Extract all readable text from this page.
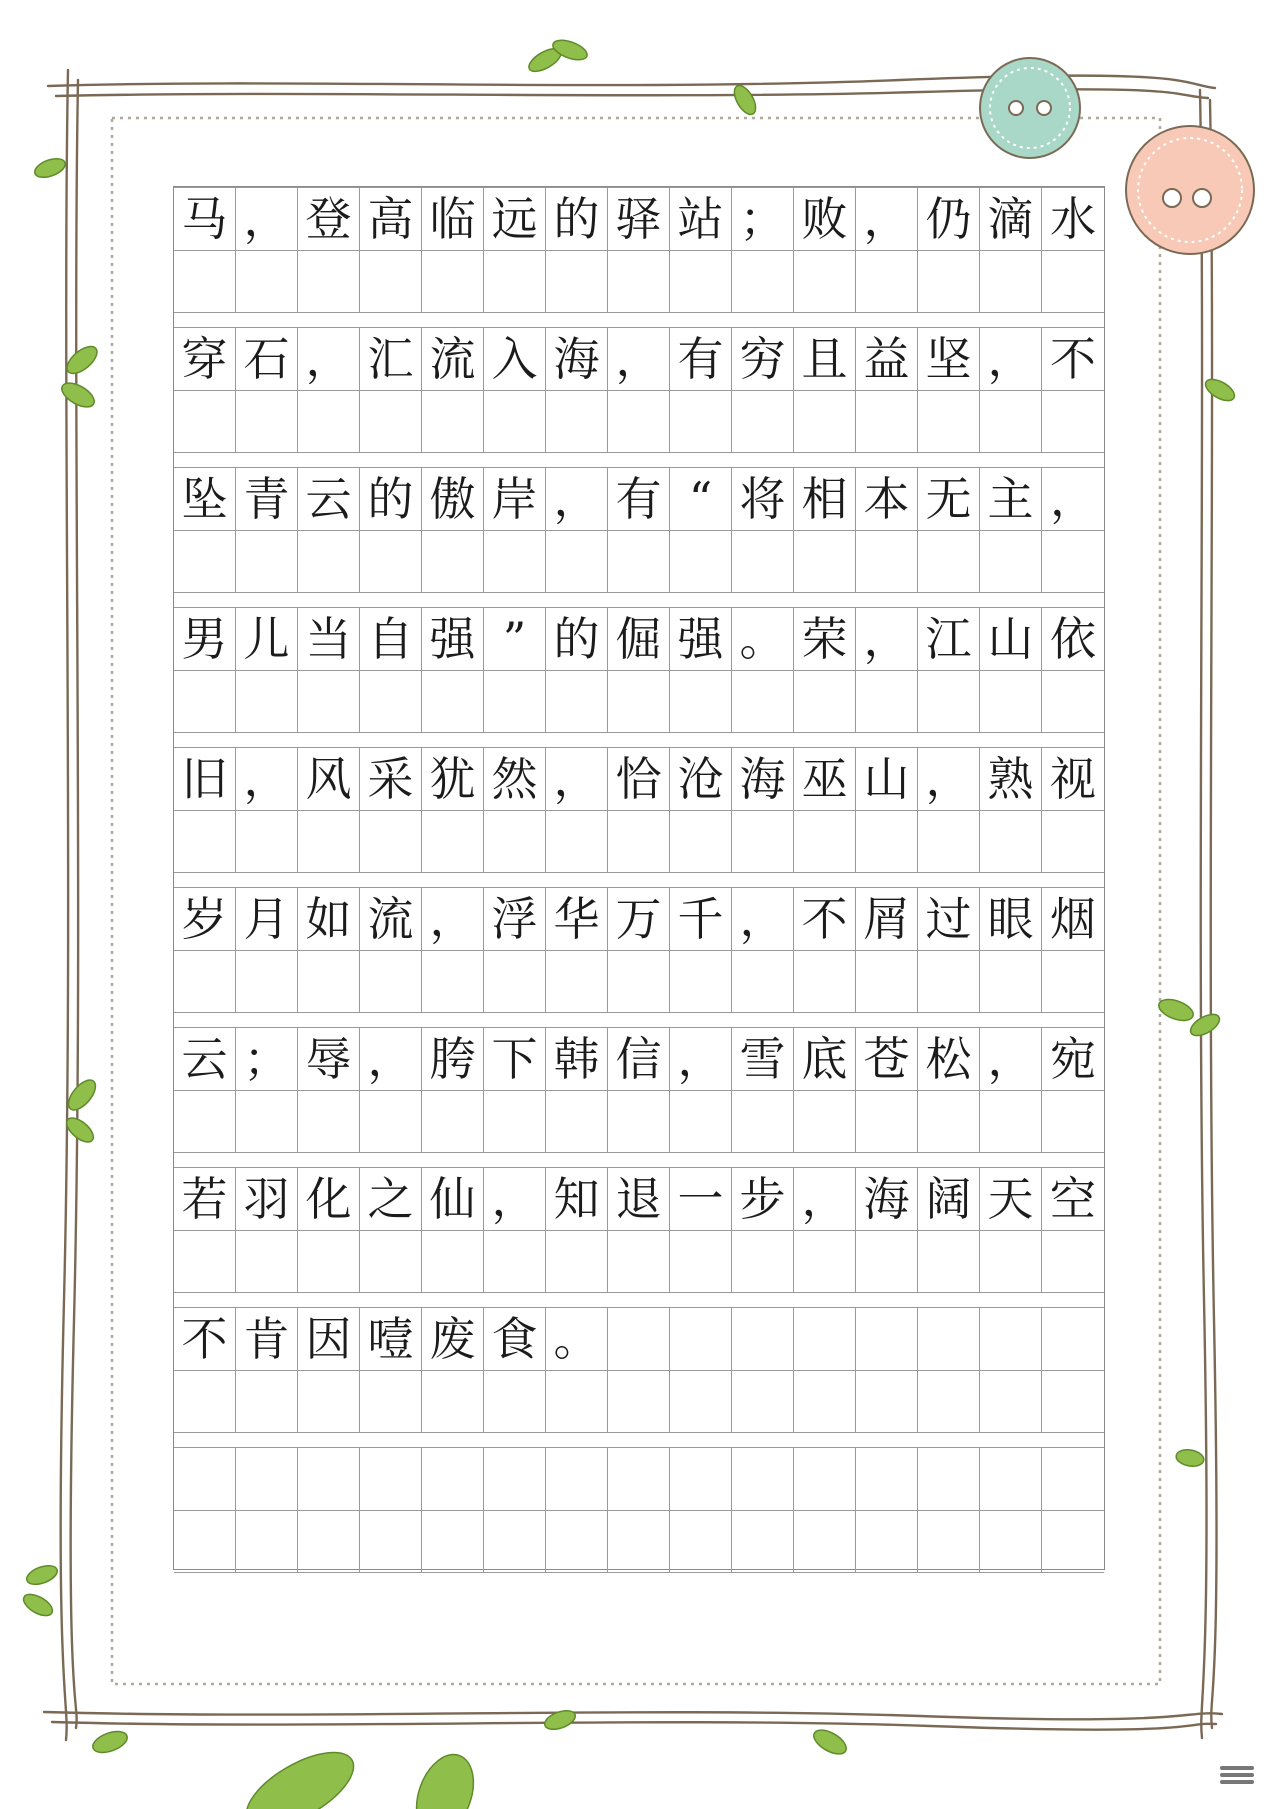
马 ， 登 高 临 远 的 驿 站 ； 败 ， 仍 滴 水
穿 石 ， 汇 流 入 海 ， 有 穷 且 益 坚 ， 不
坠 青 云 的 傲 岸 ， 有 “ 将 相 本 无 主 ，
男 儿 当 自 强 ” 的 倔 强 。 荣 ， 江 山 依
旧 ， 风 采 犹 然 ， 恰 沧 海 巫 山 ， 熟 视
岁 月 如 流 ， 浮 华 万 千 ， 不 屑 过 眼 烟
云 ； 辱 ， 胯 下 韩 信 ， 雪 底 苍 松 ， 宛
若 羽 化 之 仙 ， 知 退 一 步 ， 海 阔 天 空
不 肯 因 噎 废 食 。
